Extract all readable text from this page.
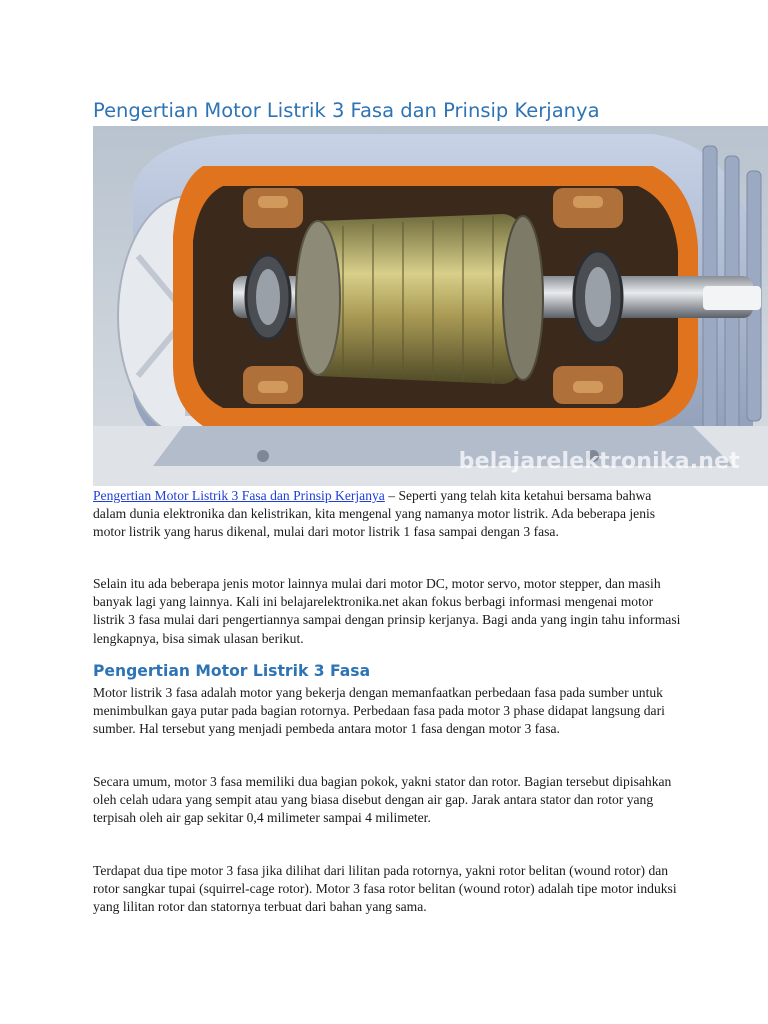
Pengertian Motor Listrik 3 Fasa dan Prinsip Kerjanya
belajarelektronika.net

Pengertian Motor Listrik 3 Fasa dan Prinsip Kerjanya – Seperti yang telah kita ketahui bersama bahwa dalam dunia elektronika dan kelistrikan, kita mengenal yang namanya motor listrik. Ada beberapa jenis motor listrik yang harus dikenal, mulai dari motor listrik 1 fasa sampai dengan 3 fasa.

Selain itu ada beberapa jenis motor lainnya mulai dari motor DC, motor servo, motor stepper, dan masih banyak lagi yang lainnya. Kali ini belajarelektronika.net akan fokus berbagi informasi mengenai motor listrik 3 fasa mulai dari pengertiannya sampai dengan prinsip kerjanya. Bagi anda yang ingin tahu informasi lengkapnya, bisa simak ulasan berikut.

Pengertian Motor Listrik 3 Fasa

Motor listrik 3 fasa adalah motor yang bekerja dengan memanfaatkan perbedaan fasa pada sumber untuk menimbulkan gaya putar pada bagian rotornya. Perbedaan fasa pada motor 3 phase didapat langsung dari sumber. Hal tersebut yang menjadi pembeda antara motor 1 fasa dengan motor 3 fasa.

Secara umum, motor 3 fasa memiliki dua bagian pokok, yakni stator dan rotor. Bagian tersebut dipisahkan oleh celah udara yang sempit atau yang biasa disebut dengan air gap. Jarak antara stator dan rotor yang terpisah oleh air gap sekitar 0,4 milimeter sampai 4 milimeter.

Terdapat dua tipe motor 3 fasa jika dilihat dari lilitan pada rotornya, yakni rotor belitan (wound rotor) dan rotor sangkar tupai (squirrel-cage rotor). Motor 3 fasa rotor belitan (wound rotor) adalah tipe motor induksi yang lilitan rotor dan statornya terbuat dari bahan yang sama.
